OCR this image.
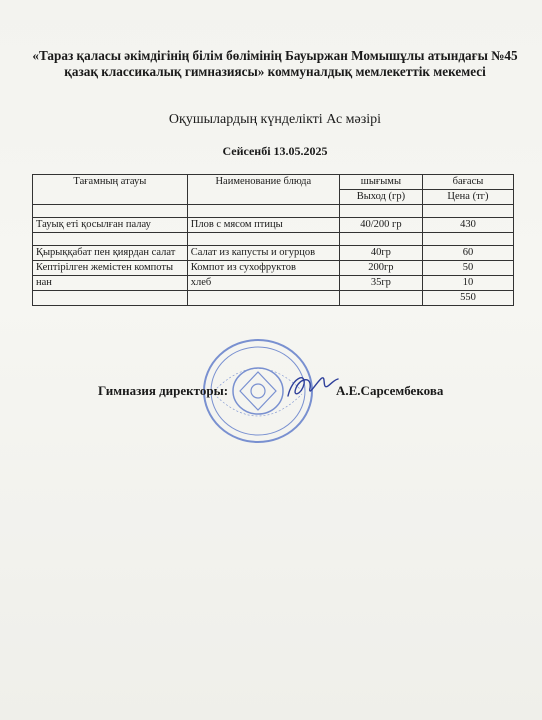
«Тараз қаласы әкімдігінің білім бөлімінің Бауыржан Момышұлы атындағы №45 қазақ классикалық гимназиясы» коммуналдық мемлекеттік мекемесі
Оқушылардың күнделікті Ас мәзірі
Сейсенбі 13.05.2025
Тағамның атауы	Наименование блюда	шығымы	бағасы
		Выход (гр)	Цена (тг)

Тауық еті қосылған палау	Плов с мясом птицы	40/200 гр	430

Қырыққабат пен қиярдан салат	Салат из капусты и огурцов	40гр	60
Кептірілген жемістен компоты	Компот из сухофруктов	200гр	50
нан	хлеб	35гр	10
			550
Гимназия директоры:	А.Е.Сарсембекова
